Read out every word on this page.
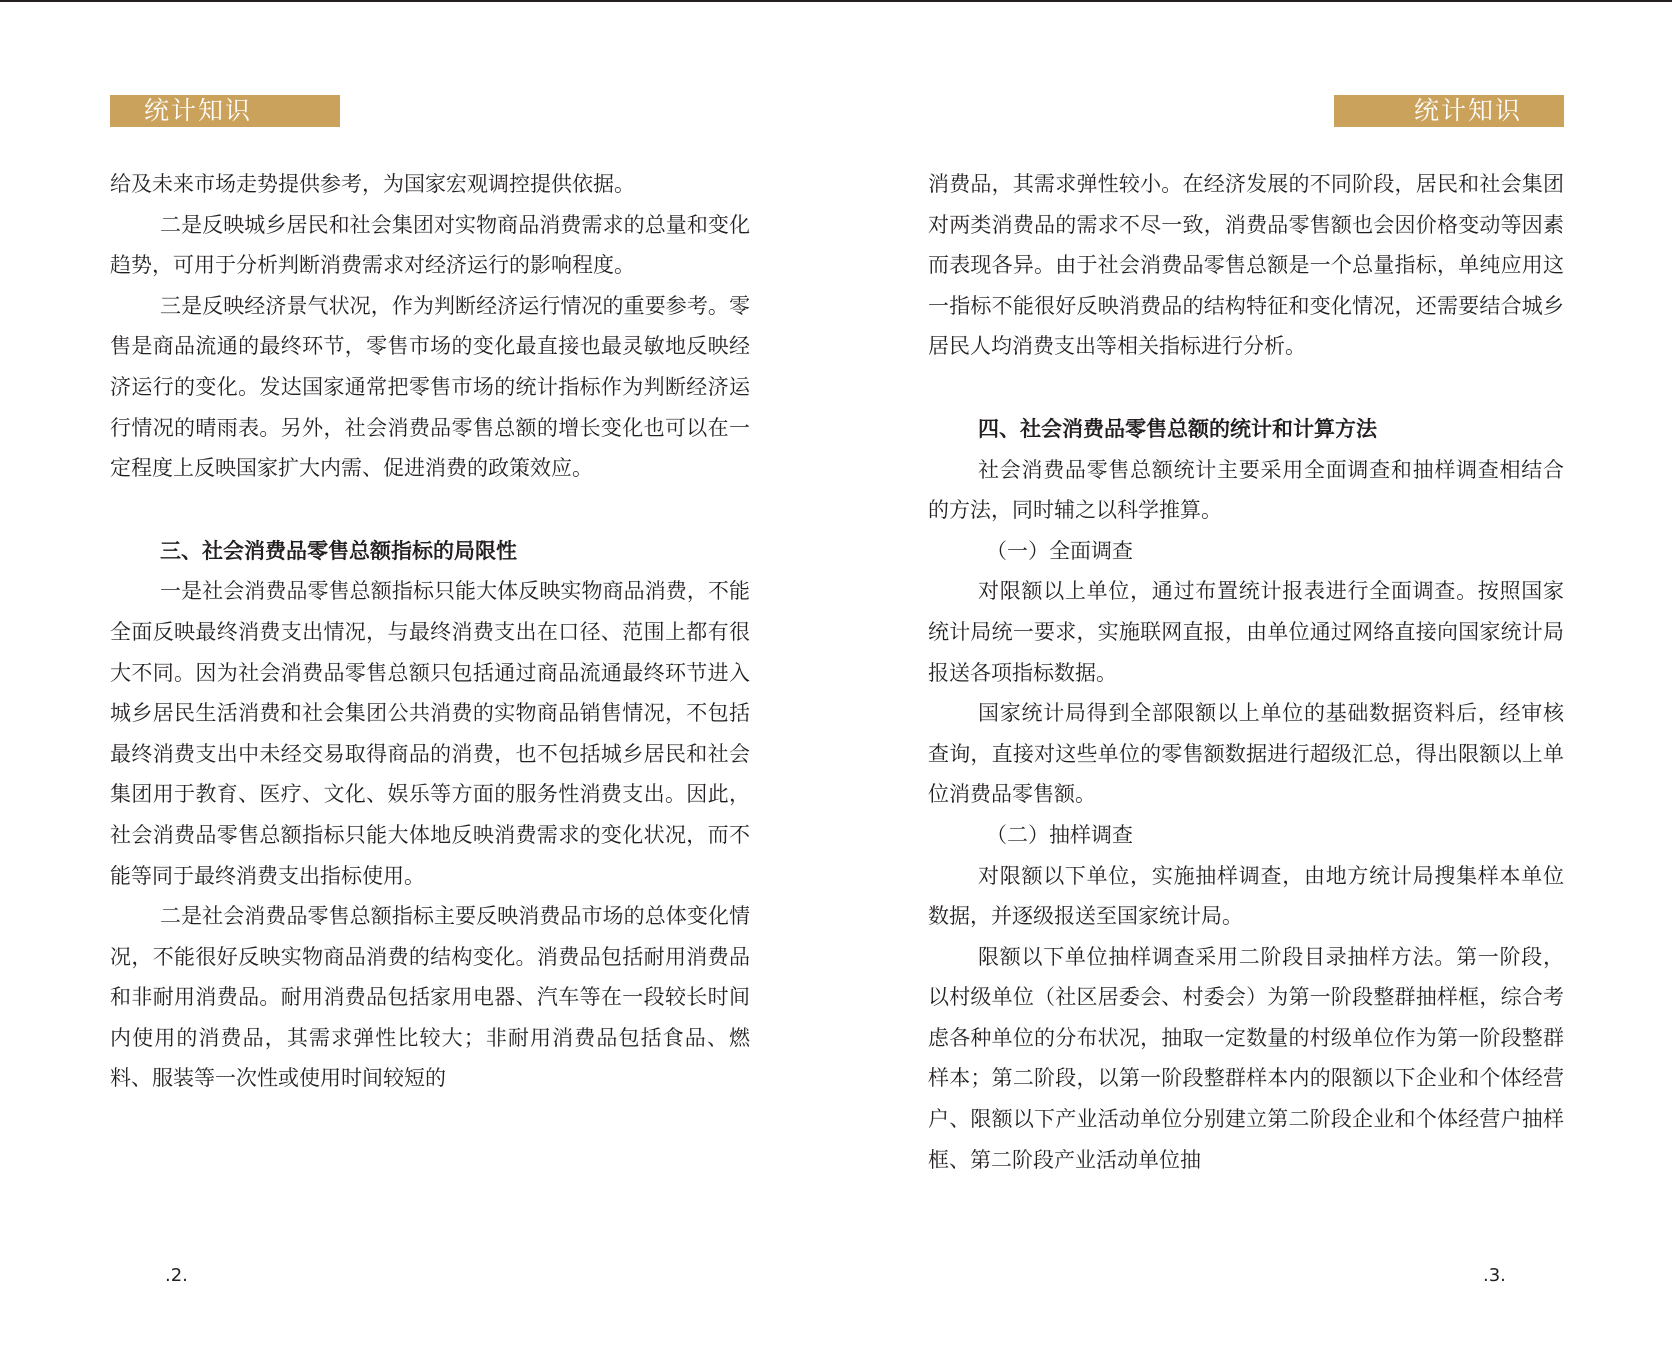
统计知识

给及未来市场走势提供参考，为国家宏观调控提供依据。

二是反映城乡居民和社会集团对实物商品消费需求的总量和变化趋势，可用于分析判断消费需求对经济运行的影响程度。

三是反映经济景气状况，作为判断经济运行情况的重要参考。零售是商品流通的最终环节，零售市场的变化最直接也最灵敏地反映经济运行的变化。发达国家通常把零售市场的统计指标作为判断经济运行情况的晴雨表。另外，社会消费品零售总额的增长变化也可以在一定程度上反映国家扩大内需、促进消费的政策效应。

三、社会消费品零售总额指标的局限性

一是社会消费品零售总额指标只能大体反映实物商品消费，不能全面反映最终消费支出情况，与最终消费支出在口径、范围上都有很大不同。因为社会消费品零售总额只包括通过商品流通最终环节进入城乡居民生活消费和社会集团公共消费的实物商品销售情况，不包括最终消费支出中未经交易取得商品的消费，也不包括城乡居民和社会集团用于教育、医疗、文化、娱乐等方面的服务性消费支出。因此，社会消费品零售总额指标只能大体地反映消费需求的变化状况，而不能等同于最终消费支出指标使用。

二是社会消费品零售总额指标主要反映消费品市场的总体变化情况，不能很好反映实物商品消费的结构变化。消费品包括耐用消费品和非耐用消费品。耐用消费品包括家用电器、汽车等在一段较长时间内使用的消费品，其需求弹性比较大；非耐用消费品包括食品、燃料、服装等一次性或使用时间较短的

.2.
统计知识

消费品，其需求弹性较小。在经济发展的不同阶段，居民和社会集团对两类消费品的需求不尽一致，消费品零售额也会因价格变动等因素而表现各异。由于社会消费品零售总额是一个总量指标，单纯应用这一指标不能很好反映消费品的结构特征和变化情况，还需要结合城乡居民人均消费支出等相关指标进行分析。

四、社会消费品零售总额的统计和计算方法

社会消费品零售总额统计主要采用全面调查和抽样调查相结合的方法，同时辅之以科学推算。

（一）全面调查

对限额以上单位，通过布置统计报表进行全面调查。按照国家统计局统一要求，实施联网直报，由单位通过网络直接向国家统计局报送各项指标数据。

国家统计局得到全部限额以上单位的基础数据资料后，经审核查询，直接对这些单位的零售额数据进行超级汇总，得出限额以上单位消费品零售额。

（二）抽样调查

对限额以下单位，实施抽样调查，由地方统计局搜集样本单位数据，并逐级报送至国家统计局。

限额以下单位抽样调查采用二阶段目录抽样方法。第一阶段，以村级单位（社区居委会、村委会）为第一阶段整群抽样框，综合考虑各种单位的分布状况，抽取一定数量的村级单位作为第一阶段整群样本；第二阶段，以第一阶段整群样本内的限额以下企业和个体经营户、限额以下产业活动单位分别建立第二阶段企业和个体经营户抽样框、第二阶段产业活动单位抽

.3.
